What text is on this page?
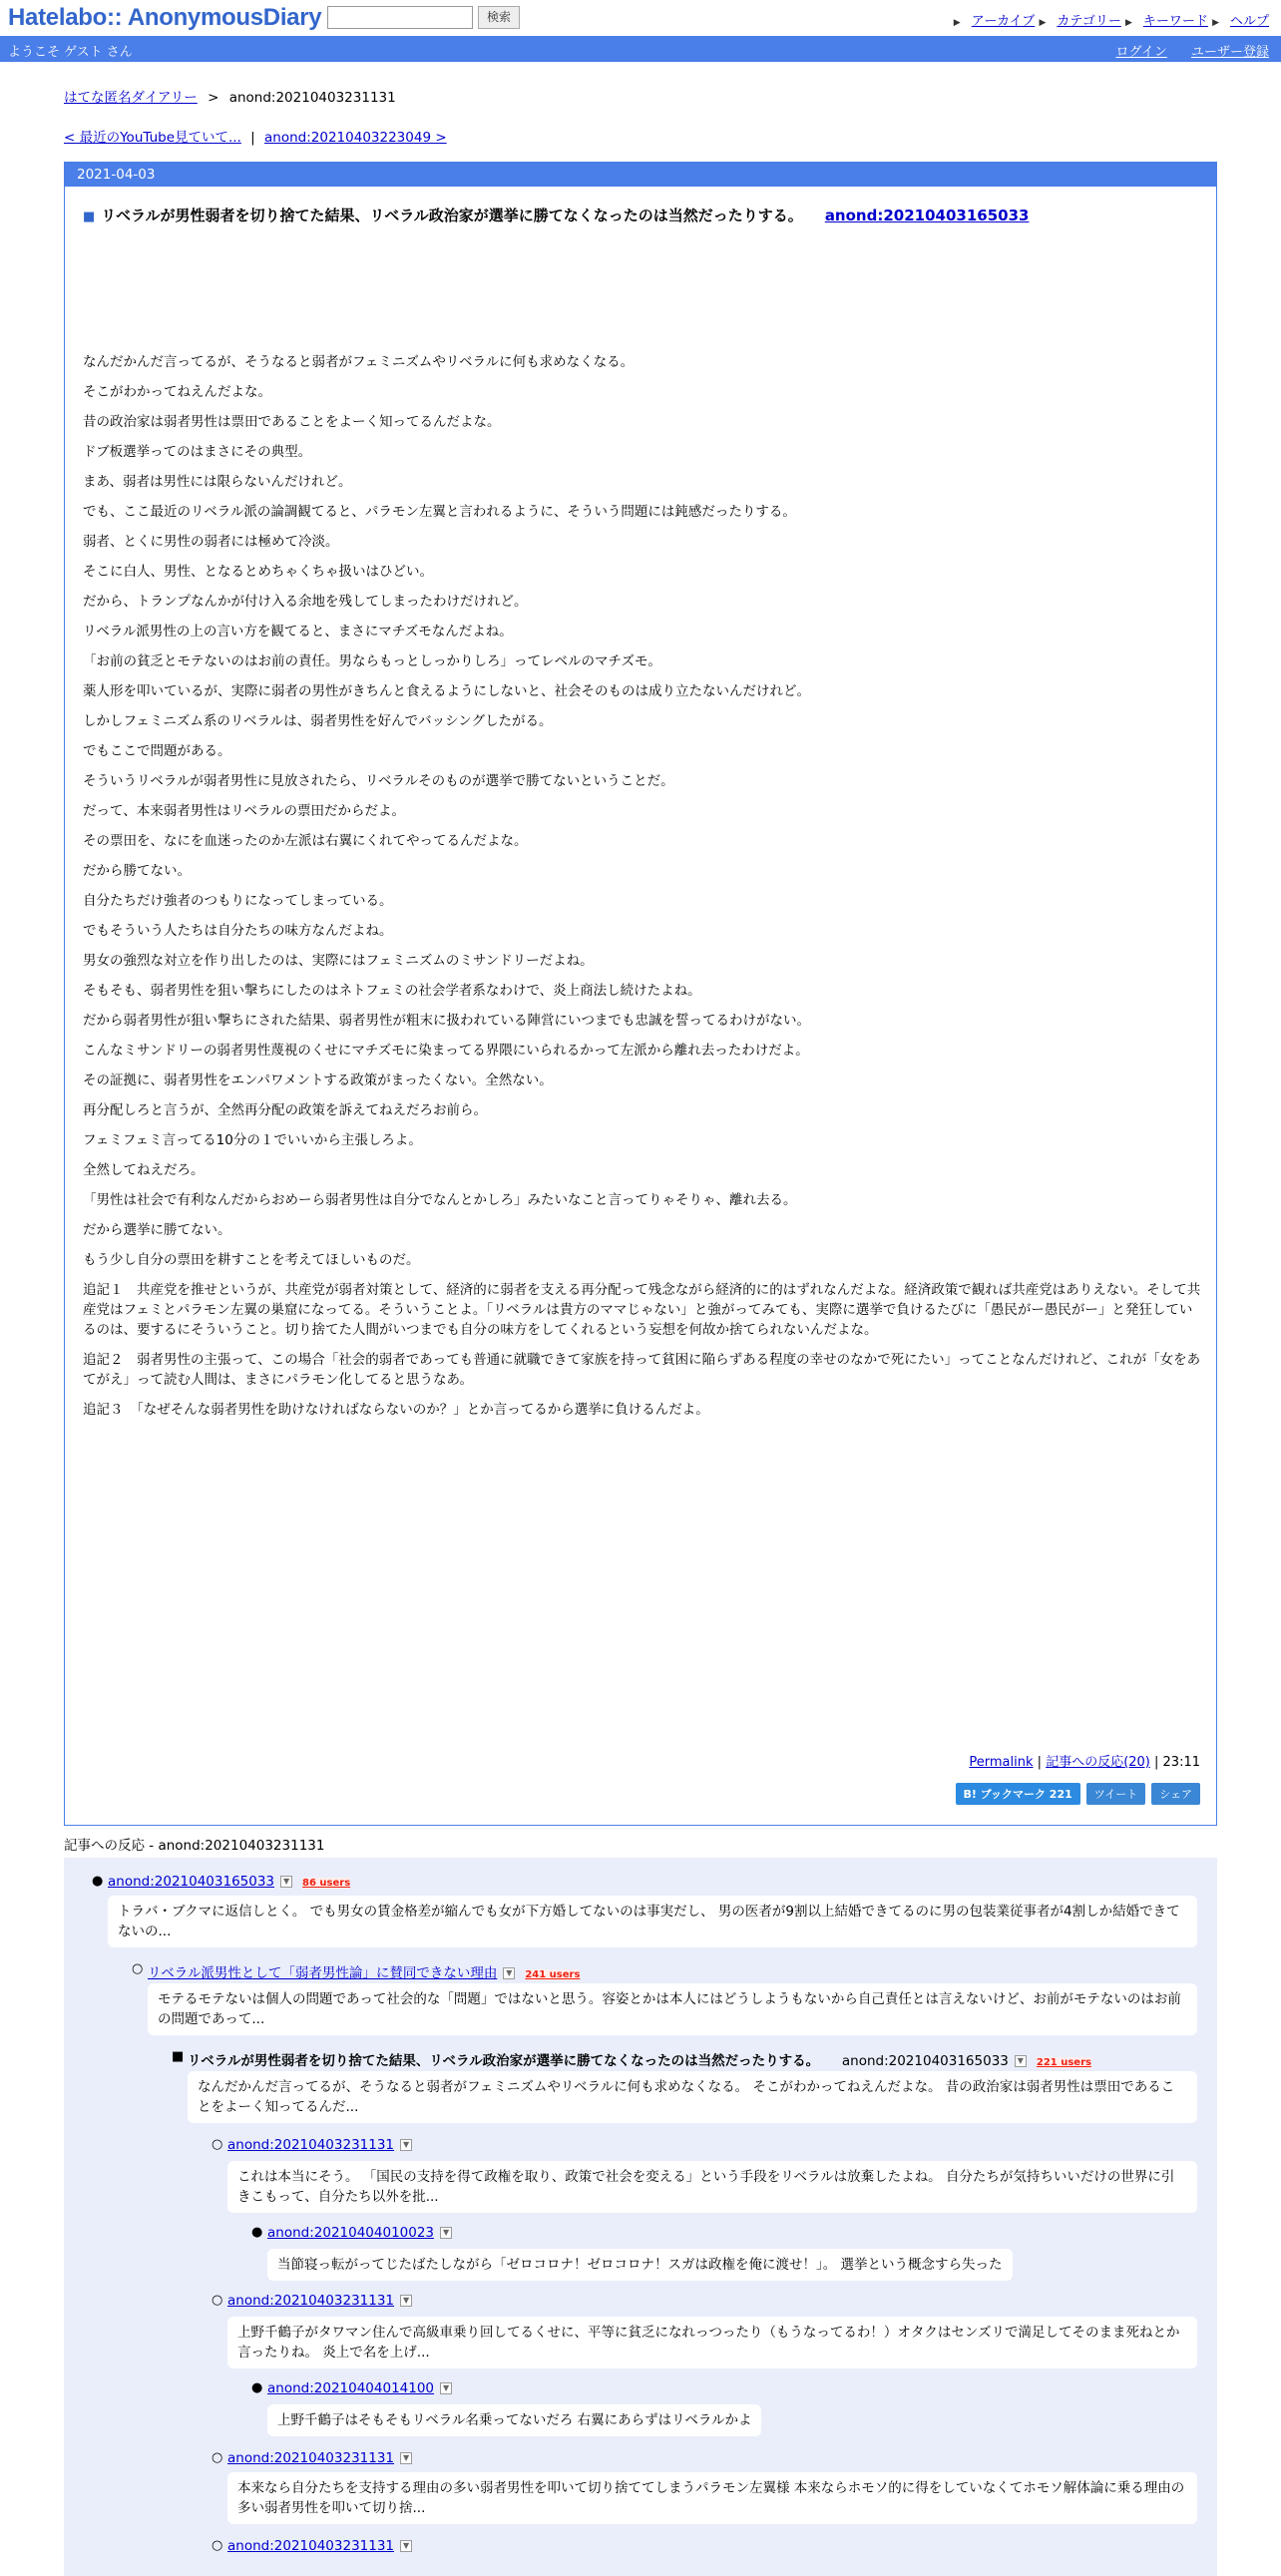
Hatelabo:: AnonymousDiary	検索	▶ アーカイブ ▶ カテゴリー ▶ キーワード ▶ ヘルプ
ようこそ ゲスト さん	ログイン ユーザー登録
はてな匿名ダイアリー > anond:20210403231131
< 最近のYouTube見ていて... | anond:20210403223049 >
2021-04-03
■ リベラルが男性弱者を切り捨てた結果、リベラル政治家が選挙に勝てなくなったのは当然だったりする。 anond:20210403165033

なんだかんだ言ってるが、そうなると弱者がフェミニズムやリベラルに何も求めなくなる。

そこがわかってねえんだよな。

昔の政治家は弱者男性は票田であることをよーく知ってるんだよな。

ドブ板選挙ってのはまさにその典型。

まあ、弱者は男性には限らないんだけれど。

でも、ここ最近のリベラル派の論調観てると、パラモン左翼と言われるように、そういう問題には鈍感だったりする。

弱者、とくに男性の弱者には極めて冷淡。

そこに白人、男性、となるとめちゃくちゃ扱いはひどい。

だから、トランプなんかが付け入る余地を残してしまったわけだけれど。

リベラル派男性の上の言い方を観てると、まさにマチズモなんだよね。

「お前の貧乏とモテないのはお前の責任。男ならもっとしっかりしろ」ってレベルのマチズモ。

薬人形を叩いているが、実際に弱者の男性がきちんと食えるようにしないと、社会そのものは成り立たないんだけれど。

しかしフェミニズム系のリベラルは、弱者男性を好んでバッシングしたがる。

でもここで問題がある。

そういうリベラルが弱者男性に見放されたら、リベラルそのものが選挙で勝てないということだ。

だって、本来弱者男性はリベラルの票田だからだよ。

その票田を、なにを血迷ったのか左派は右翼にくれてやってるんだよな。

だから勝てない。

自分たちだけ強者のつもりになってしまっている。

でもそういう人たちは自分たちの味方なんだよね。

男女の強烈な対立を作り出したのは、実際にはフェミニズムのミサンドリーだよね。

そもそも、弱者男性を狙い撃ちにしたのはネトフェミの社会学者系なわけで、炎上商法し続けたよね。

だから弱者男性が狙い撃ちにされた結果、弱者男性が粗末に扱われている陣営にいつまでも忠誠を誓ってるわけがない。

こんなミサンドリーの弱者男性蔑視のくせにマチズモに染まってる界隈にいられるかって左派から離れ去ったわけだよ。

その証拠に、弱者男性をエンパワメントする政策がまったくない。全然ない。

再分配しろと言うが、全然再分配の政策を訴えてねえだろお前ら。

フェミフェミ言ってる10分の１でいいから主張しろよ。

全然してねえだろ。

「男性は社会で有利なんだからおめーら弱者男性は自分でなんとかしろ」みたいなこと言ってりゃそりゃ、離れ去る。

だから選挙に勝てない。

もう少し自分の票田を耕すことを考えてほしいものだ。

追記１　共産党を推せというが、共産党が弱者対策として、経済的に弱者を支える再分配って残念ながら経済的に的はずれなんだよな。経済政策で観れば共産党はありえない。そして共産党はフェミとパラモン左翼の巣窟になってる。そういうことよ。「リベラルは貴方のママじゃない」と強がってみても、実際に選挙で負けるたびに「愚民がー愚民がー」と発狂しているのは、要するにそういうこと。切り捨てた人間がいつまでも自分の味方をしてくれるという妄想を何故か捨てられないんだよな。

追記２　弱者男性の主張って、この場合「社会的弱者であっても普通に就職できて家族を持って貧困に陥らずある程度の幸せのなかで死にたい」ってことなんだけれど、これが「女をあてがえ」って読む人間は、まさにパラモン化してると思うなあ。

追記３　「なぜそんな弱者男性を助けなければならないのか？」とか言ってるから選挙に負けるんだよ。

Permalink | 記事への反応(20) | 23:11
B! ブックマーク 221	ツイート	シェア
記事への反応 - anond:20210403231131
● anond:20210403165033 ▼ 86 users
トラバ・ブクマに返信しとく。 でも男女の賃金格差が縮んでも女が下方婚してないのは事実だし、 男の医者が9割以上結婚できてるのに男の包装業従事者が4割しか結婚できてないの...
○ リベラル派男性として「弱者男性論」に賛同できない理由 ▼ 241 users
モテるモテないは個人の問題であって社会的な「問題」ではないと思う。容姿とかは本人にはどうしようもないから自己責任とは言えないけど、お前がモテないのはお前の問題であって...
■ リベラルが男性弱者を切り捨てた結果、リベラル政治家が選挙に勝てなくなったのは当然だったりする。 anond:20210403165033 ▼ 221 users
なんだかんだ言ってるが、そうなると弱者がフェミニズムやリベラルに何も求めなくなる。 そこがわかってねえんだよな。 昔の政治家は弱者男性は票田であることをよーく知ってるんだ...
○ anond:20210403231131 ▼
これは本当にそう。 「国民の支持を得て政権を取り、政策で社会を変える」という手段をリベラルは放棄したよね。 自分たちが気持ちいいだけの世界に引きこもって、自分たち以外を批...
● anond:20210404010023 ▼
当節寝っ転がってじたばたしながら「ゼロコロナ！ゼロコロナ！スガは政権を俺に渡せ！」。 選挙という概念すら失った
○ anond:20210403231131 ▼
上野千鶴子がタワマン住んで高級車乗り回してるくせに、平等に貧乏になれっつったり（もうなってるわ！）オタクはセンズリで満足してそのまま死ねとか言ったりね。 炎上で名を上げ...
● anond:20210404014100 ▼
上野千鶴子はそもそもリベラル名乗ってないだろ 右翼にあらずはリベラルかよ
○ anond:20210403231131 ▼
本来なら自分たちを支持する理由の多い弱者男性を叩いて切り捨ててしまうパラモン左翼様 本来ならホモソ的に得をしていなくてホモソ解体論に乗る理由の多い弱者男性を叩いて切り捨...
○ anond:20210403231131 ▼
